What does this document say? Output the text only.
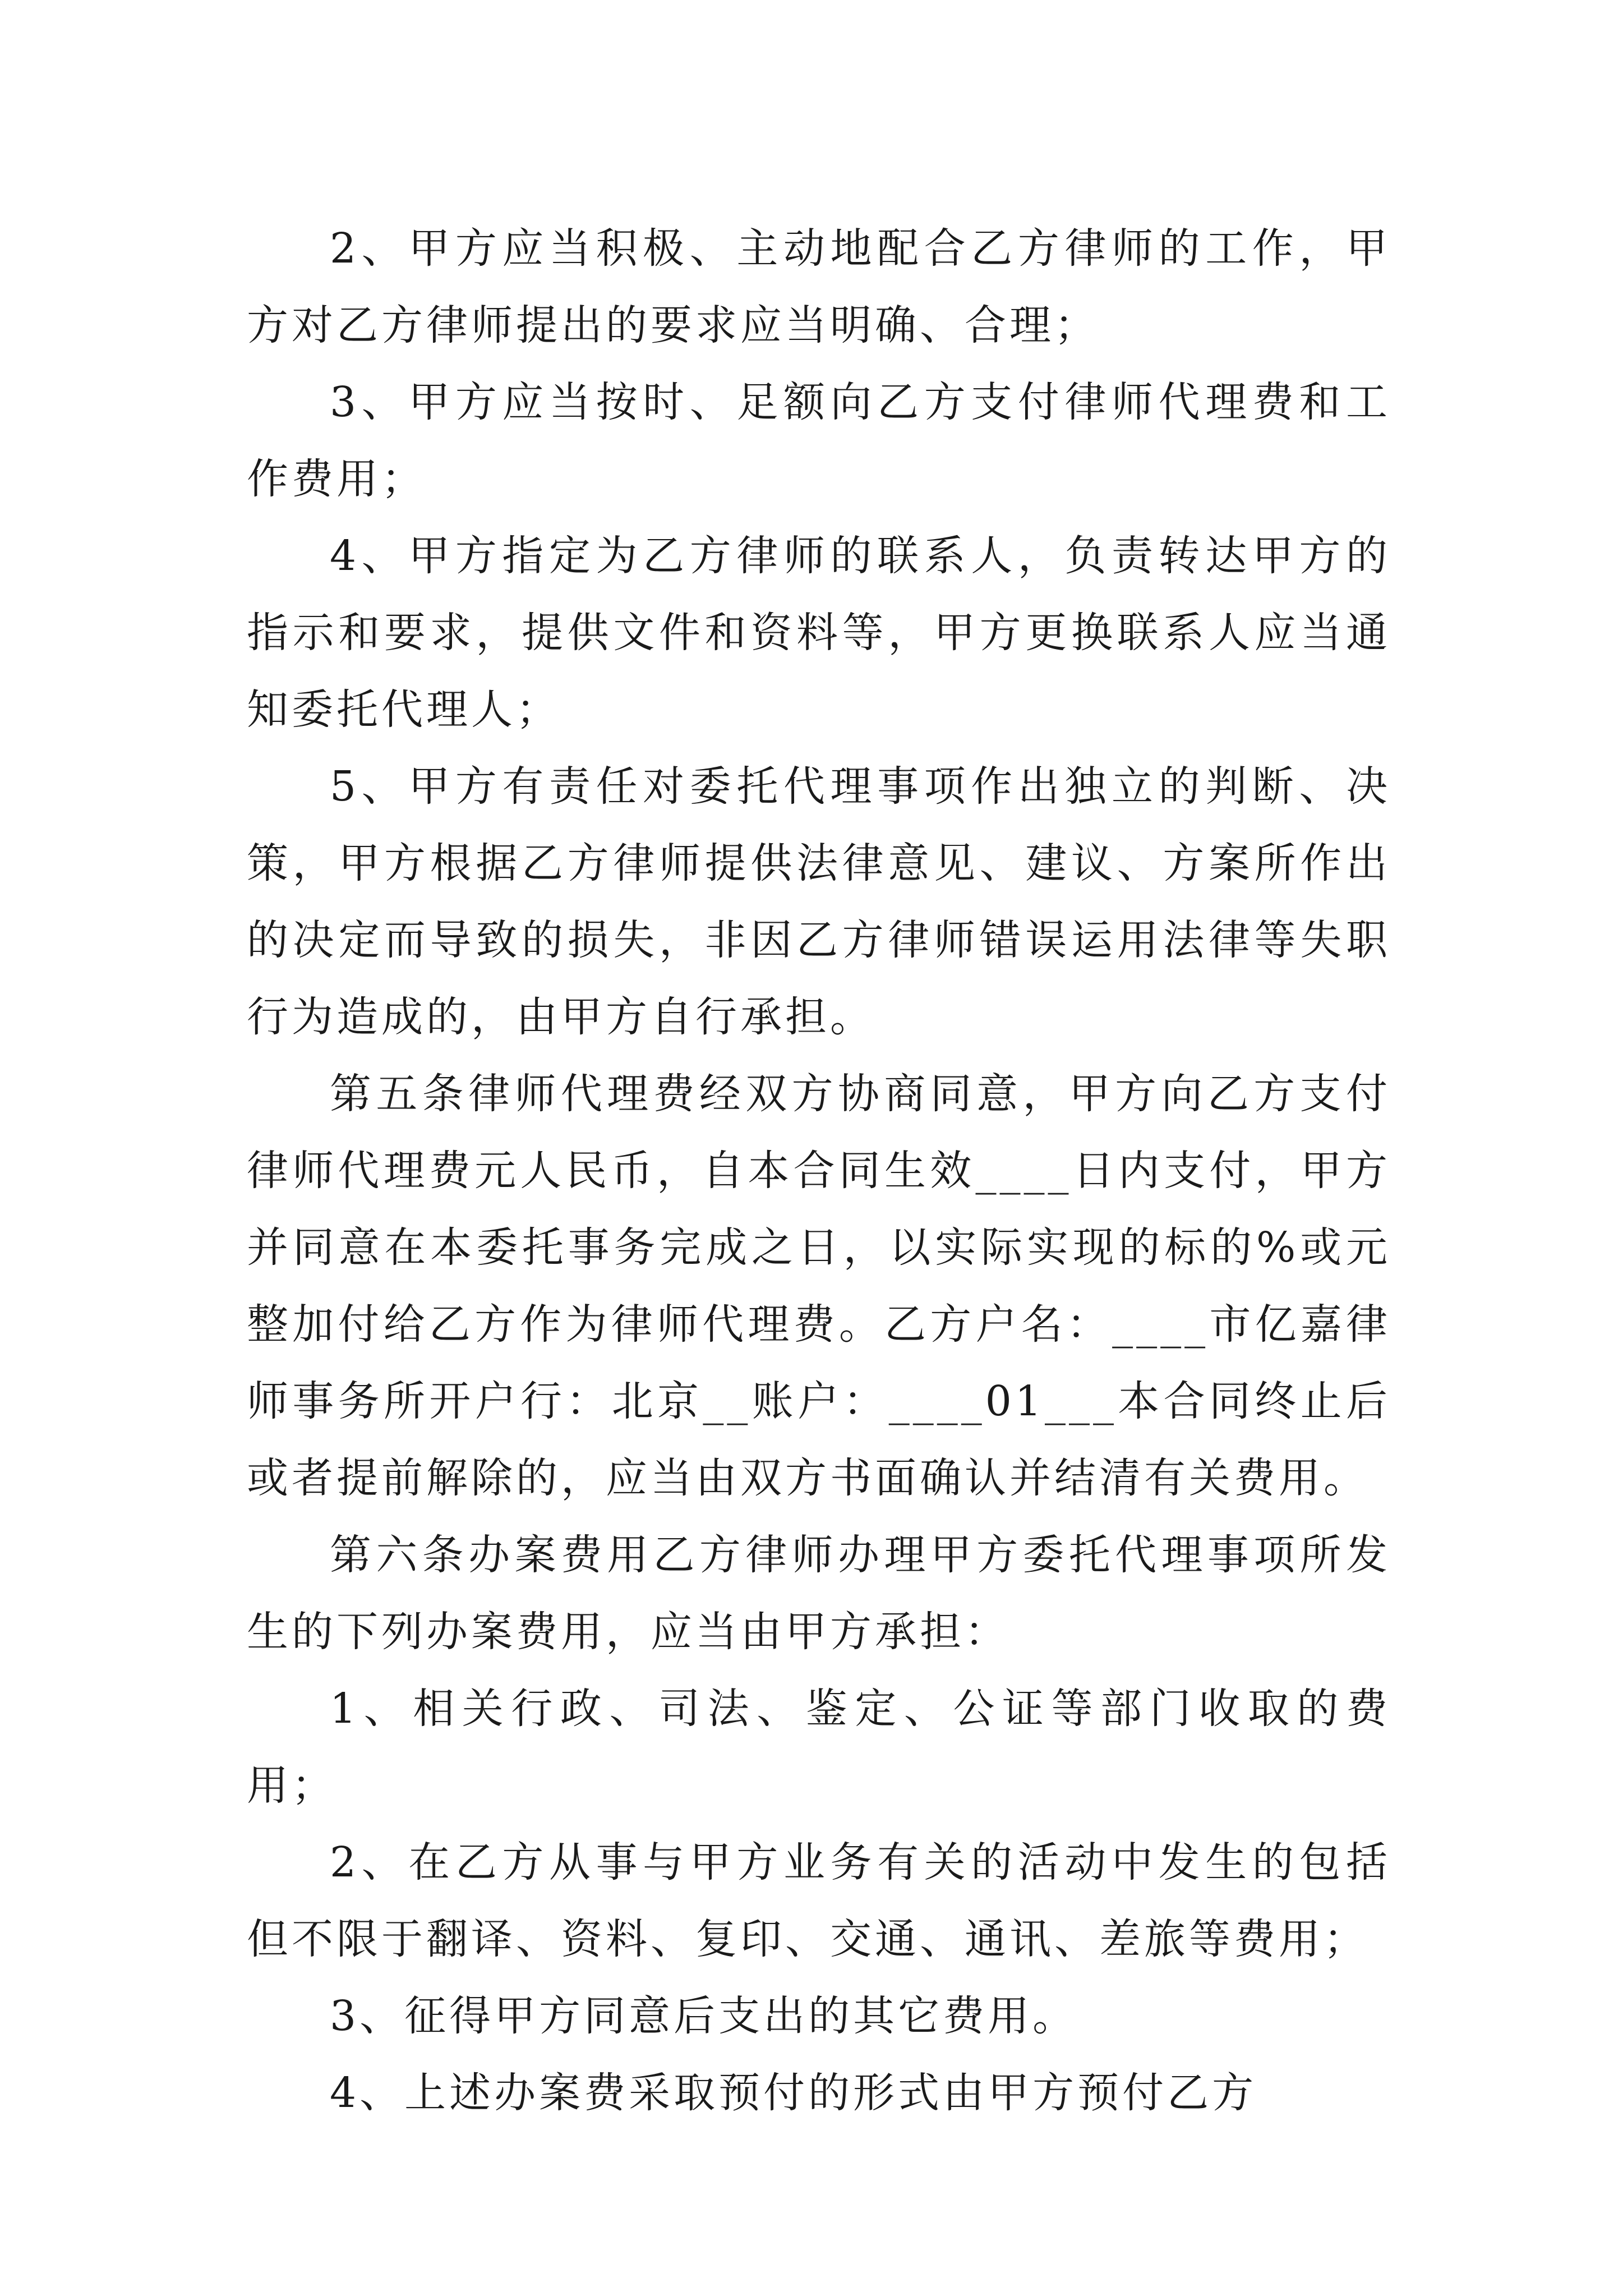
2、甲方应当积极、主动地配合乙方律师的工作，甲方对乙方律师提出的要求应当明确、合理；

3、甲方应当按时、足额向乙方支付律师代理费和工作费用；

4、甲方指定为乙方律师的联系人，负责转达甲方的指示和要求，提供文件和资料等，甲方更换联系人应当通知委托代理人；

5、甲方有责任对委托代理事项作出独立的判断、决策，甲方根据乙方律师提供法律意见、建议、方案所作出的决定而导致的损失，非因乙方律师错误运用法律等失职行为造成的，由甲方自行承担。

第五条律师代理费经双方协商同意，甲方向乙方支付律师代理费元人民币，自本合同生效____日内支付，甲方并同意在本委托事务完成之日，以实际实现的标的%或元整加付给乙方作为律师代理费。乙方户名：____市亿嘉律师事务所开户行：北京__账户：____01___本合同终止后或者提前解除的，应当由双方书面确认并结清有关费用。

第六条办案费用乙方律师办理甲方委托代理事项所发生的下列办案费用，应当由甲方承担：

1、相关行政、司法、鉴定、公证等部门收取的费用；

2、在乙方从事与甲方业务有关的活动中发生的包括但不限于翻译、资料、复印、交通、通讯、差旅等费用；

3、征得甲方同意后支出的其它费用。

4、上述办案费采取预付的形式由甲方预付乙方
